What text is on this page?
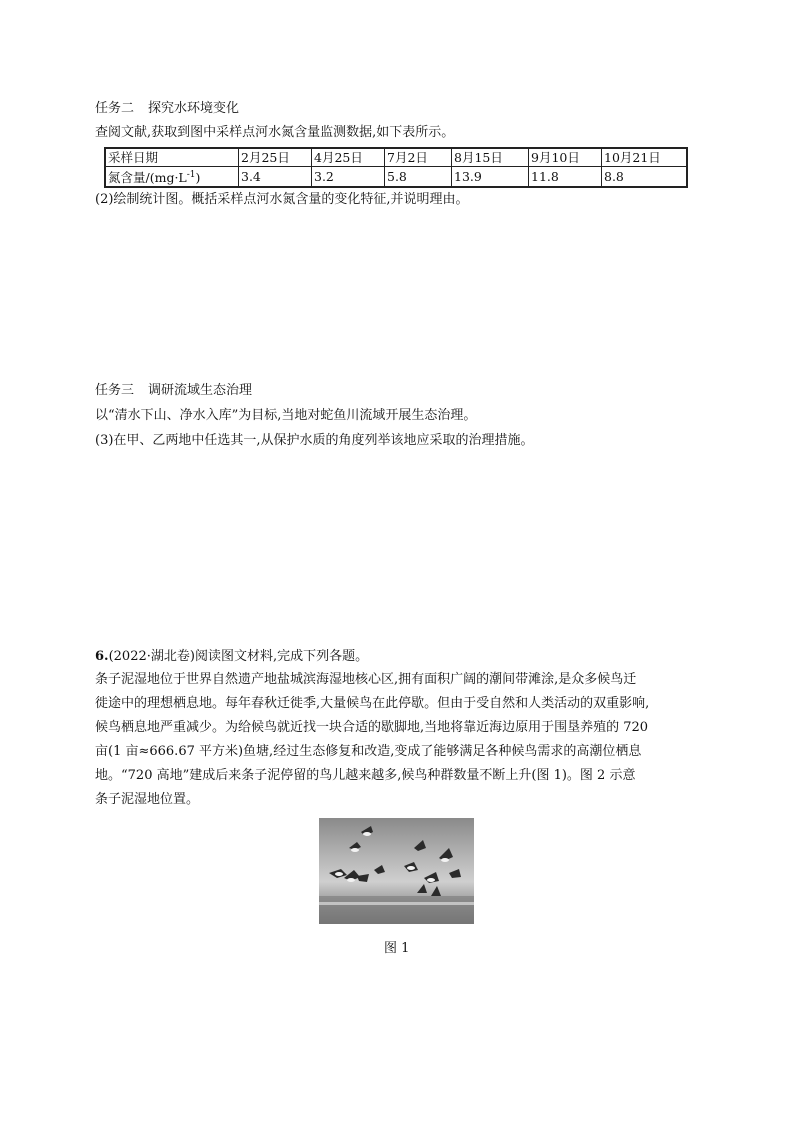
任务二 探究水环境变化
查阅文献,获取到图中采样点河水氮含量监测数据,如下表所示。
采样日期	2月25日	4月25日	7月2日	8月15日	9月10日	10月21日
氮含量$/(mg\cdot L^{-1})$	3.4	3.2	5.8	13.9	11.8	8.8
(2)绘制统计图。概括采样点河水氮含量的变化特征,并说明理由。
任务三 调研流域生态治理
以“清水下山、净水入库”为目标,当地对蛇鱼川流域开展生态治理。
(3)在甲、乙两地中任选其一,从保护水质的角度列举该地应采取的治理措施。
6.(2022·湖北卷)阅读图文材料,完成下列各题。

条子泥湿地位于世界自然遗产地盐城滨海湿地核心区,拥有面积广阔的潮间带滩涂,是众多候鸟迁

徙途中的理想栖息地。每年春秋迁徙季,大量候鸟在此停歇。但由于受自然和人类活动的双重影响,

候鸟栖息地严重减少。为给候鸟就近找一块合适的歇脚地,当地将靠近海边原用于围垦养殖的 720

亩(1 亩≈666.67 平方米)鱼塘,经过生态修复和改造,变成了能够满足各种候鸟需求的高潮位栖息

地。“720 高地”建成后来条子泥停留的鸟儿越来越多,候鸟种群数量不断上升(图 1)。图 2 示意

条子泥湿地位置。

图 1
